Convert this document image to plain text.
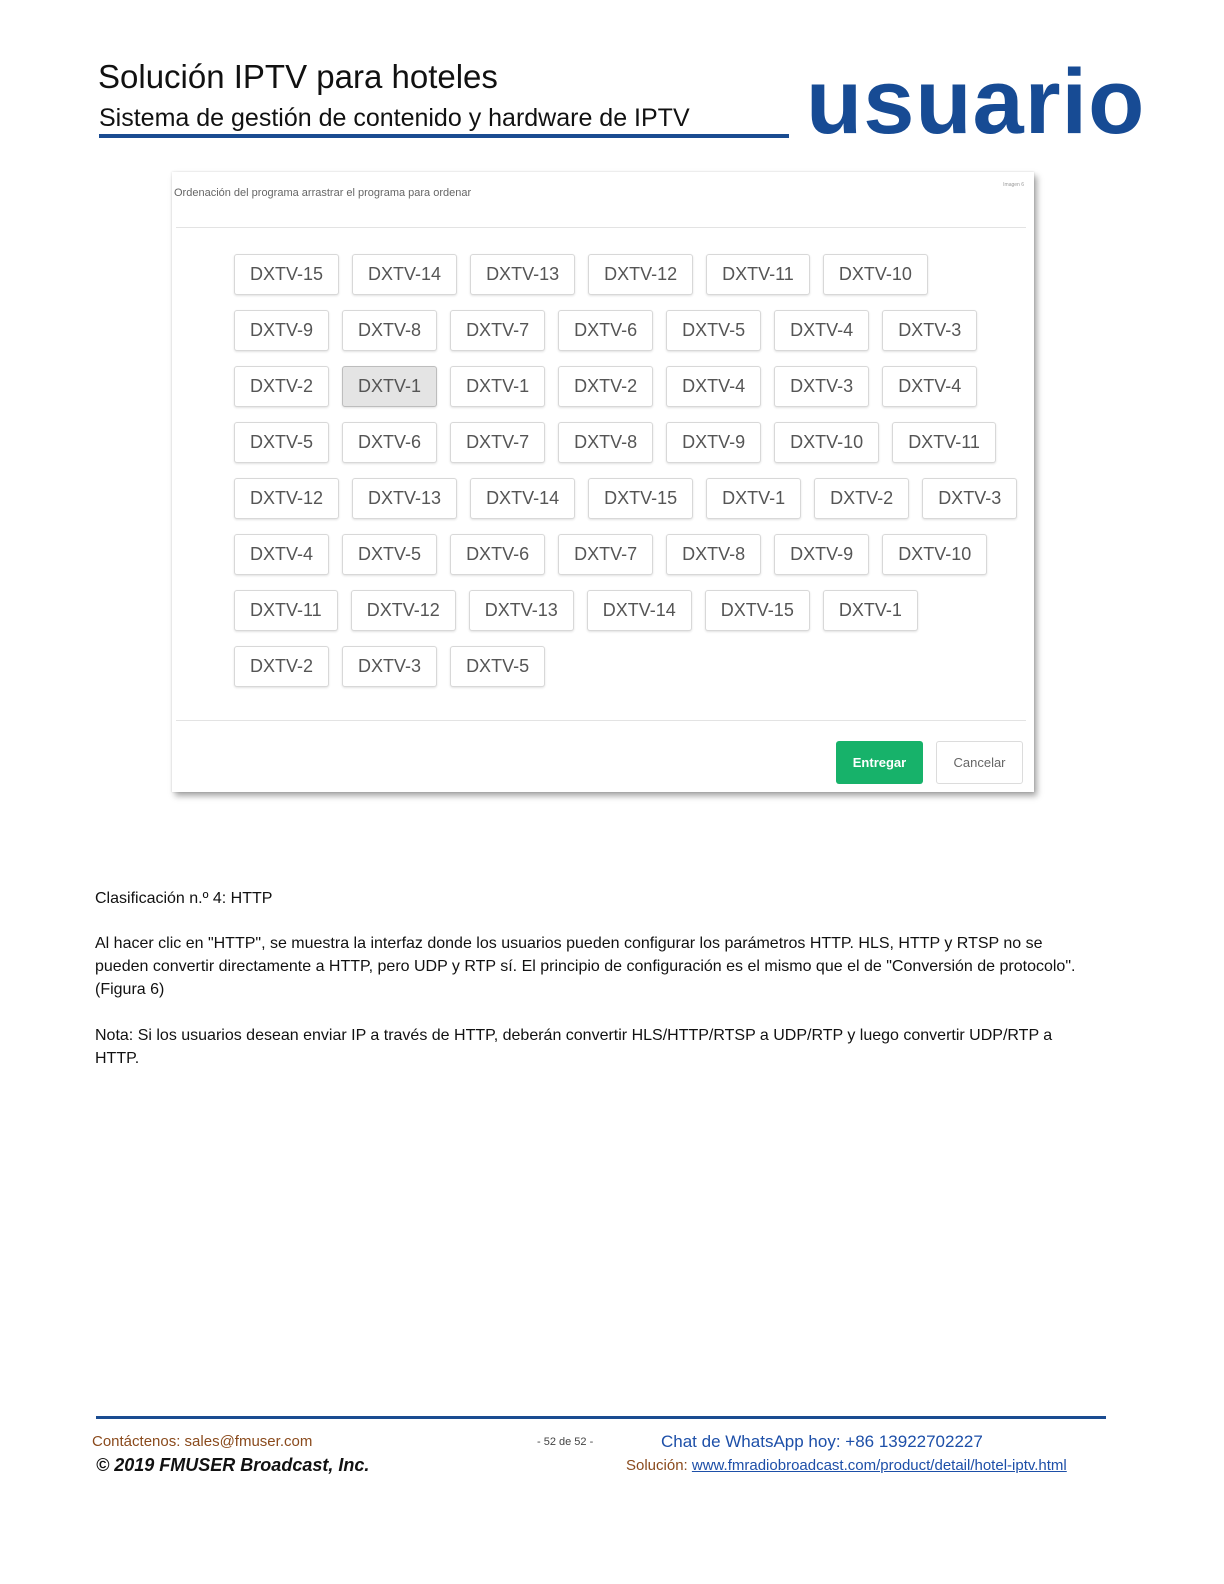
Solución IPTV para hoteles
Sistema de gestión de contenido y hardware de IPTV usuario
Ordenación del programa arrastrar el programa para ordenar
Imagen 6
DXTV-15	DXTV-14	DXTV-13	DXTV-12	DXTV-11	DXTV-10
DXTV-9	DXTV-8	DXTV-7	DXTV-6	DXTV-5	DXTV-4	DXTV-3
DXTV-2	DXTV-1	DXTV-1	DXTV-2	DXTV-4	DXTV-3	DXTV-4
DXTV-5	DXTV-6	DXTV-7	DXTV-8	DXTV-9	DXTV-10	DXTV-11
DXTV-12	DXTV-13	DXTV-14	DXTV-15	DXTV-1	DXTV-2	DXTV-3
DXTV-4	DXTV-5	DXTV-6	DXTV-7	DXTV-8	DXTV-9	DXTV-10
DXTV-11	DXTV-12	DXTV-13	DXTV-14	DXTV-15	DXTV-1
DXTV-2	DXTV-3	DXTV-5
Entregar	Cancelar
Clasificación n.º 4: HTTP
Al hacer clic en "HTTP", se muestra la interfaz donde los usuarios pueden configurar los parámetros HTTP. HLS, HTTP y RTSP no se pueden convertir directamente a HTTP, pero UDP y RTP sí. El principio de configuración es el mismo que el de "Conversión de protocolo". (Figura 6)
Nota: Si los usuarios desean enviar IP a través de HTTP, deberán convertir HLS/HTTP/RTSP a UDP/RTP y luego convertir UDP/RTP a HTTP.
Contáctenos: sales@fmuser.com
© 2019 FMUSER Broadcast, Inc.
- 52 de 52 -	Chat de WhatsApp hoy: +86 13922702227
Solución: www.fmradiobroadcast.com/product/detail/hotel-iptv.html
